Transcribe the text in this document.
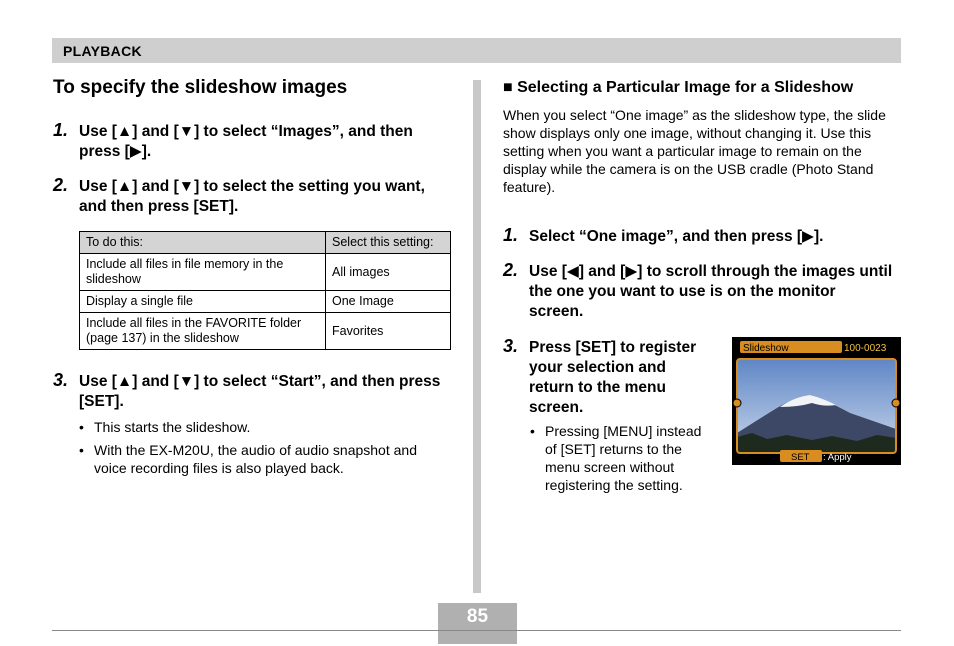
PLAYBACK
To specify the slideshow images
1. Use [▲] and [▼] to select “Images”, and then press [▶].
2. Use [▲] and [▼] to select the setting you want, and then press [SET].
To do this:	Select this setting:
Include all files in file memory in the slideshow	All images
Display a single file	One Image
Include all files in the FAVORITE folder (page 137) in the slideshow	Favorites
3. Use [▲] and [▼] to select “Start”, and then press [SET].
• This starts the slideshow.
• With the EX-M20U, the audio of audio snapshot and voice recording files is also played back.
■ Selecting a Particular Image for a Slideshow

When you select “One image” as the slideshow type, the slide show displays only one image, without changing it. Use this setting when you want a particular image to remain on the display while the camera is on the USB cradle (Photo Stand feature).

1. Select “One image”, and then press [▶].
2. Use [◀] and [▶] to scroll through the images until the one you want to use is on the monitor screen.
3. Press [SET] to register your selection and return to the menu screen.
• Pressing [MENU] instead of [SET] returns to the menu screen without registering the setting.
Slideshow	100-0023
SET : Apply
85
